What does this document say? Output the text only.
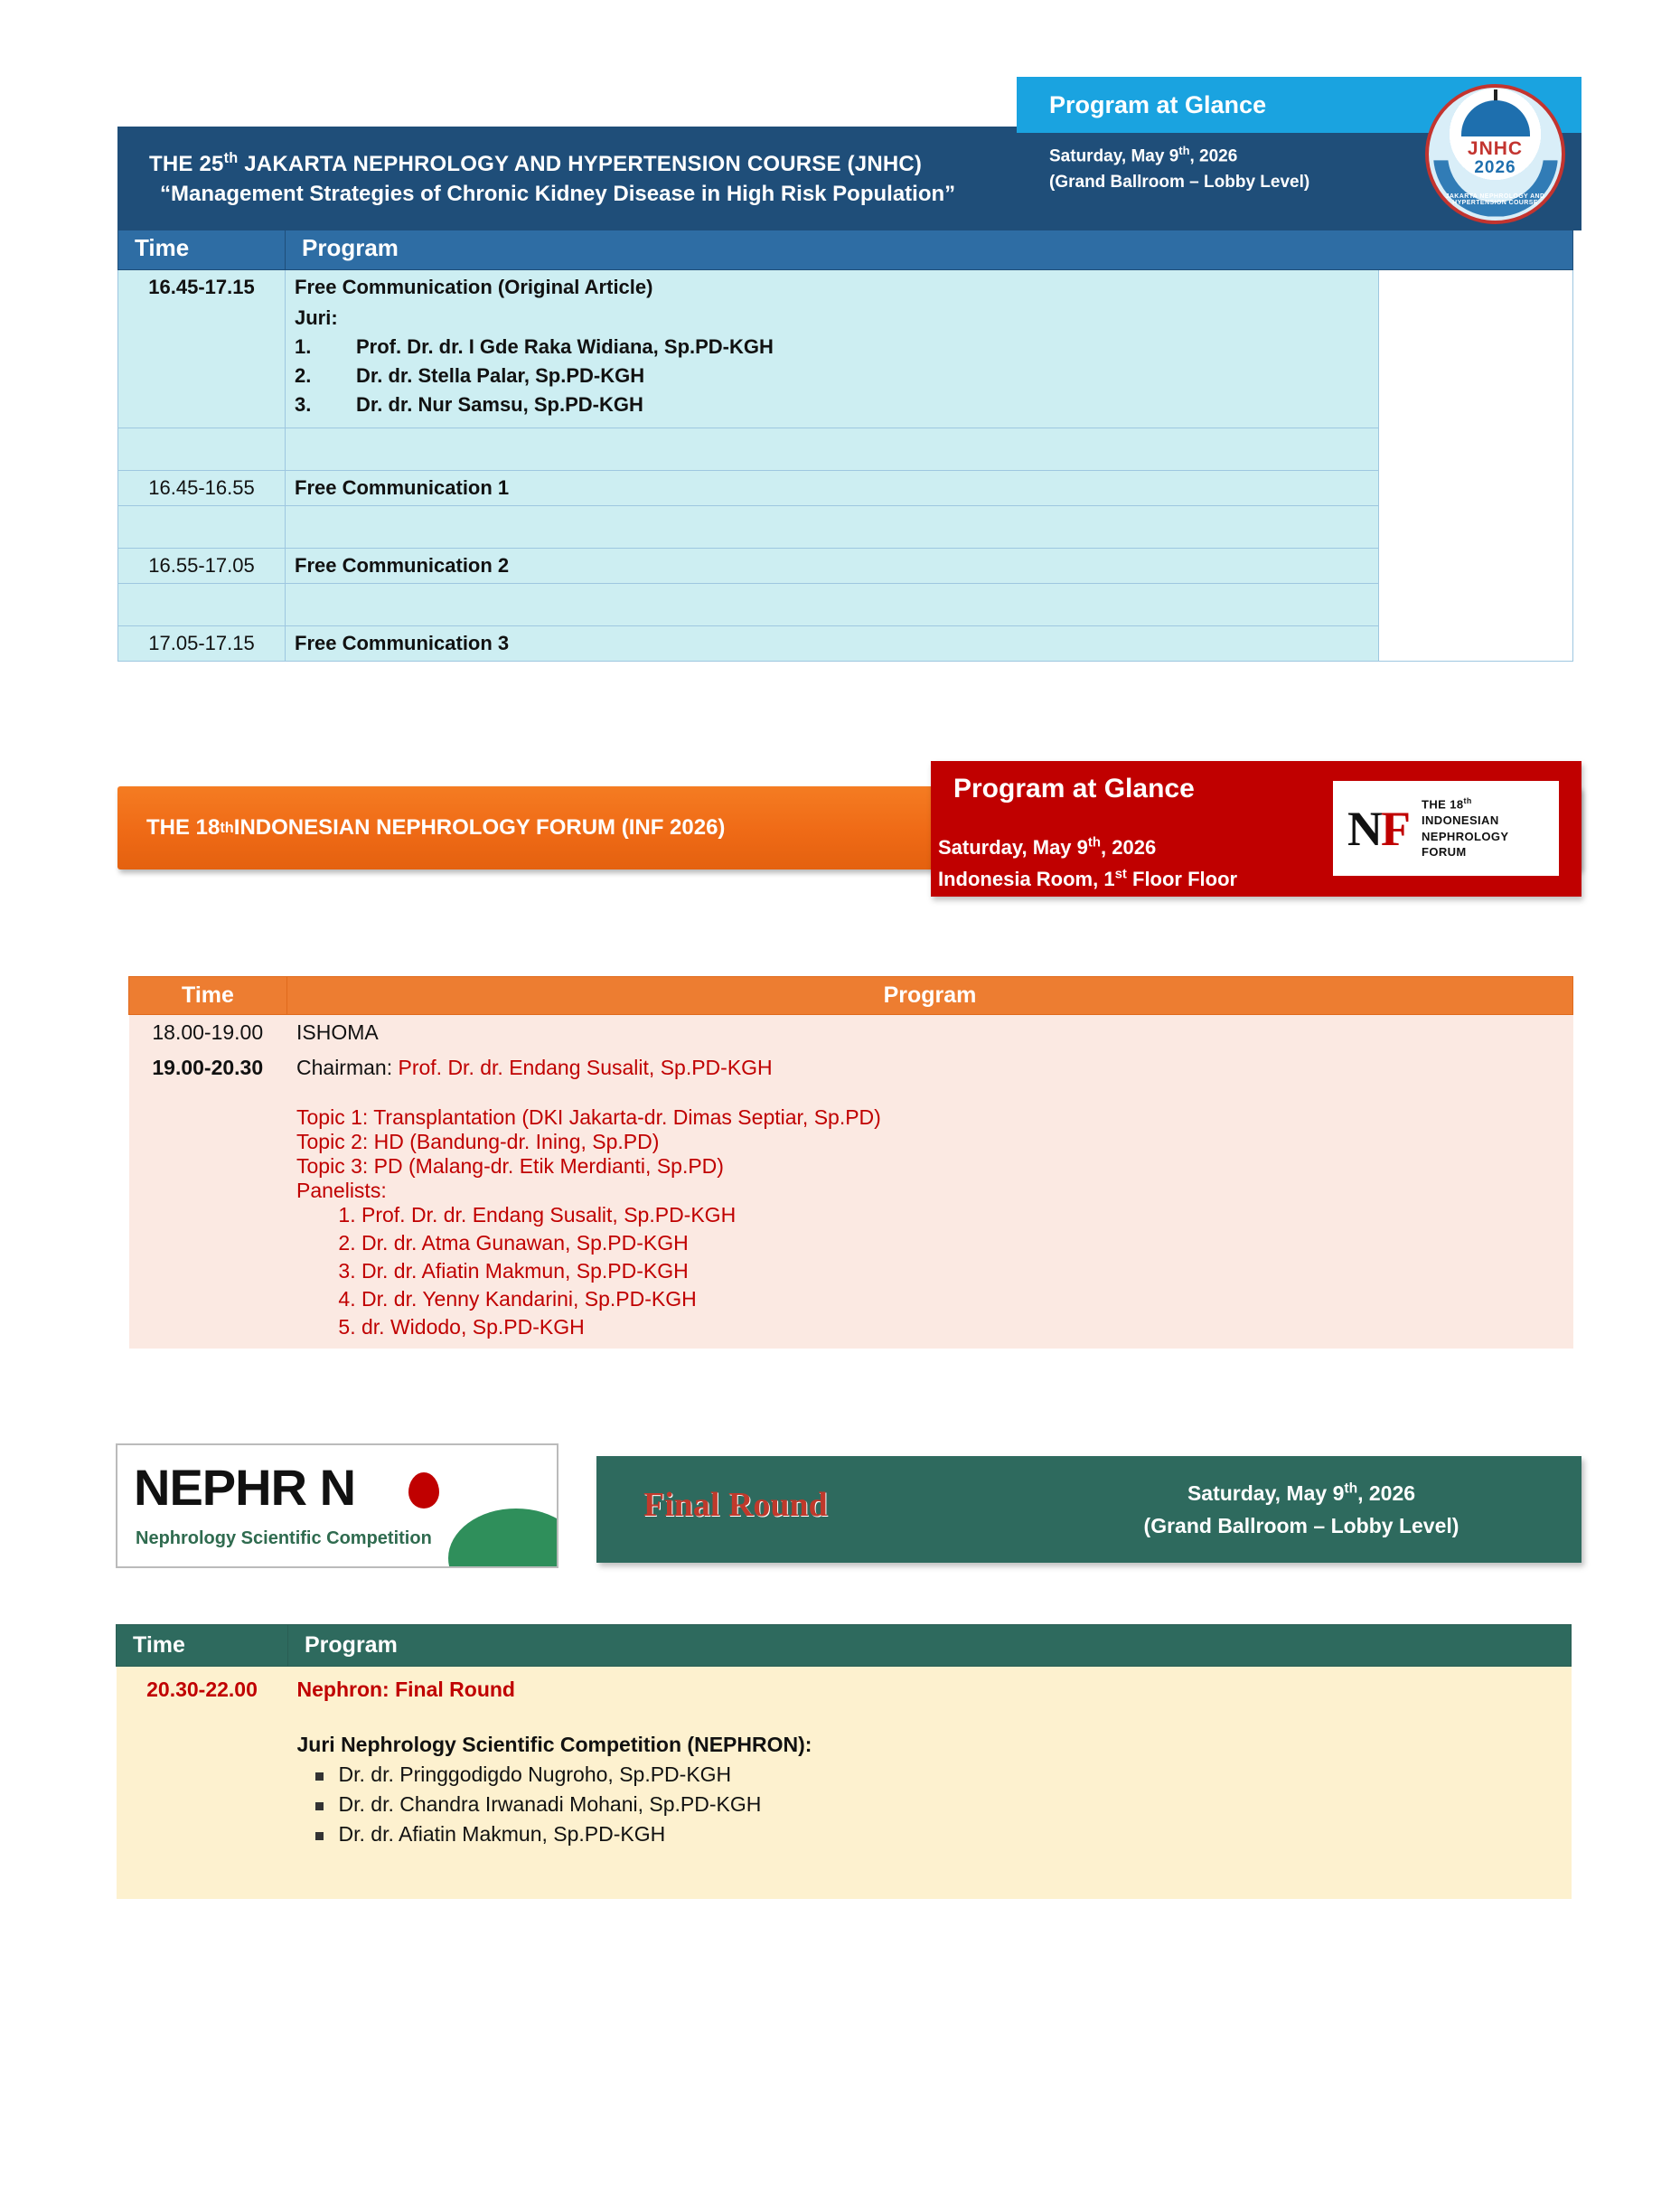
THE 25th JAKARTA NEPHROLOGY AND HYPERTENSION COURSE (JNHC)
“Management Strategies of Chronic Kidney Disease in High Risk Population”
Program at Glance
Saturday, May 9th, 2026
(Grand Ballroom – Lobby Level)
JNHC
2026
JAKARTA NEPHROLOGY AND HYPERTENSION COURSE
Time	Program	
16.45-17.15	Free Communication (Original Article)
Juri:
1. Prof. Dr. dr. I Gde Raka Widiana, Sp.PD-KGH
2. Dr. dr. Stella Palar, Sp.PD-KGH
3. Dr. dr. Nur Samsu, Sp.PD-KGH

16.45-16.55	Free Communication 1	

16.55-17.05	Free Communication 2	

17.05-17.15	Free Communication 3	
THE 18 th INDONESIAN NEPHROLOGY FORUM (INF 2026)
Program at Glance
Saturday, May 9th, 2026
Indonesia Room, 1st Floor Floor
NF THE 18th
INDONESIAN
NEPHROLOGY
FORUM
Time	Program
18.00-19.00	ISHOMA
19.00-20.30	Chairman: Prof. Dr. dr. Endang Susalit, Sp.PD-KGH
Topic 1: Transplantation (DKI Jakarta-dr. Dimas Septiar, Sp.PD)
Topic 2: HD (Bandung-dr. Ining, Sp.PD)
Topic 3: PD (Malang-dr. Etik Merdianti, Sp.PD)
Panelists:
1. Prof. Dr. dr. Endang Susalit, Sp.PD-KGH
2. Dr. dr. Atma Gunawan, Sp.PD-KGH
3. Dr. dr. Afiatin Makmun, Sp.PD-KGH
4. Dr. dr. Yenny Kandarini, Sp.PD-KGH
5. dr. Widodo, Sp.PD-KGH
NEPHR N
Nephrology Scientific Competition
Final Round	Saturday, May 9th, 2026
(Grand Ballroom – Lobby Level)
Time	Program
20.30-22.00	Nephron: Final Round
Juri Nephrology Scientific Competition (NEPHRON):
Dr. dr. Pringgodigdo Nugroho, Sp.PD-KGH
Dr. dr. Chandra Irwanadi Mohani, Sp.PD-KGH
Dr. dr. Afiatin Makmun, Sp.PD-KGH
